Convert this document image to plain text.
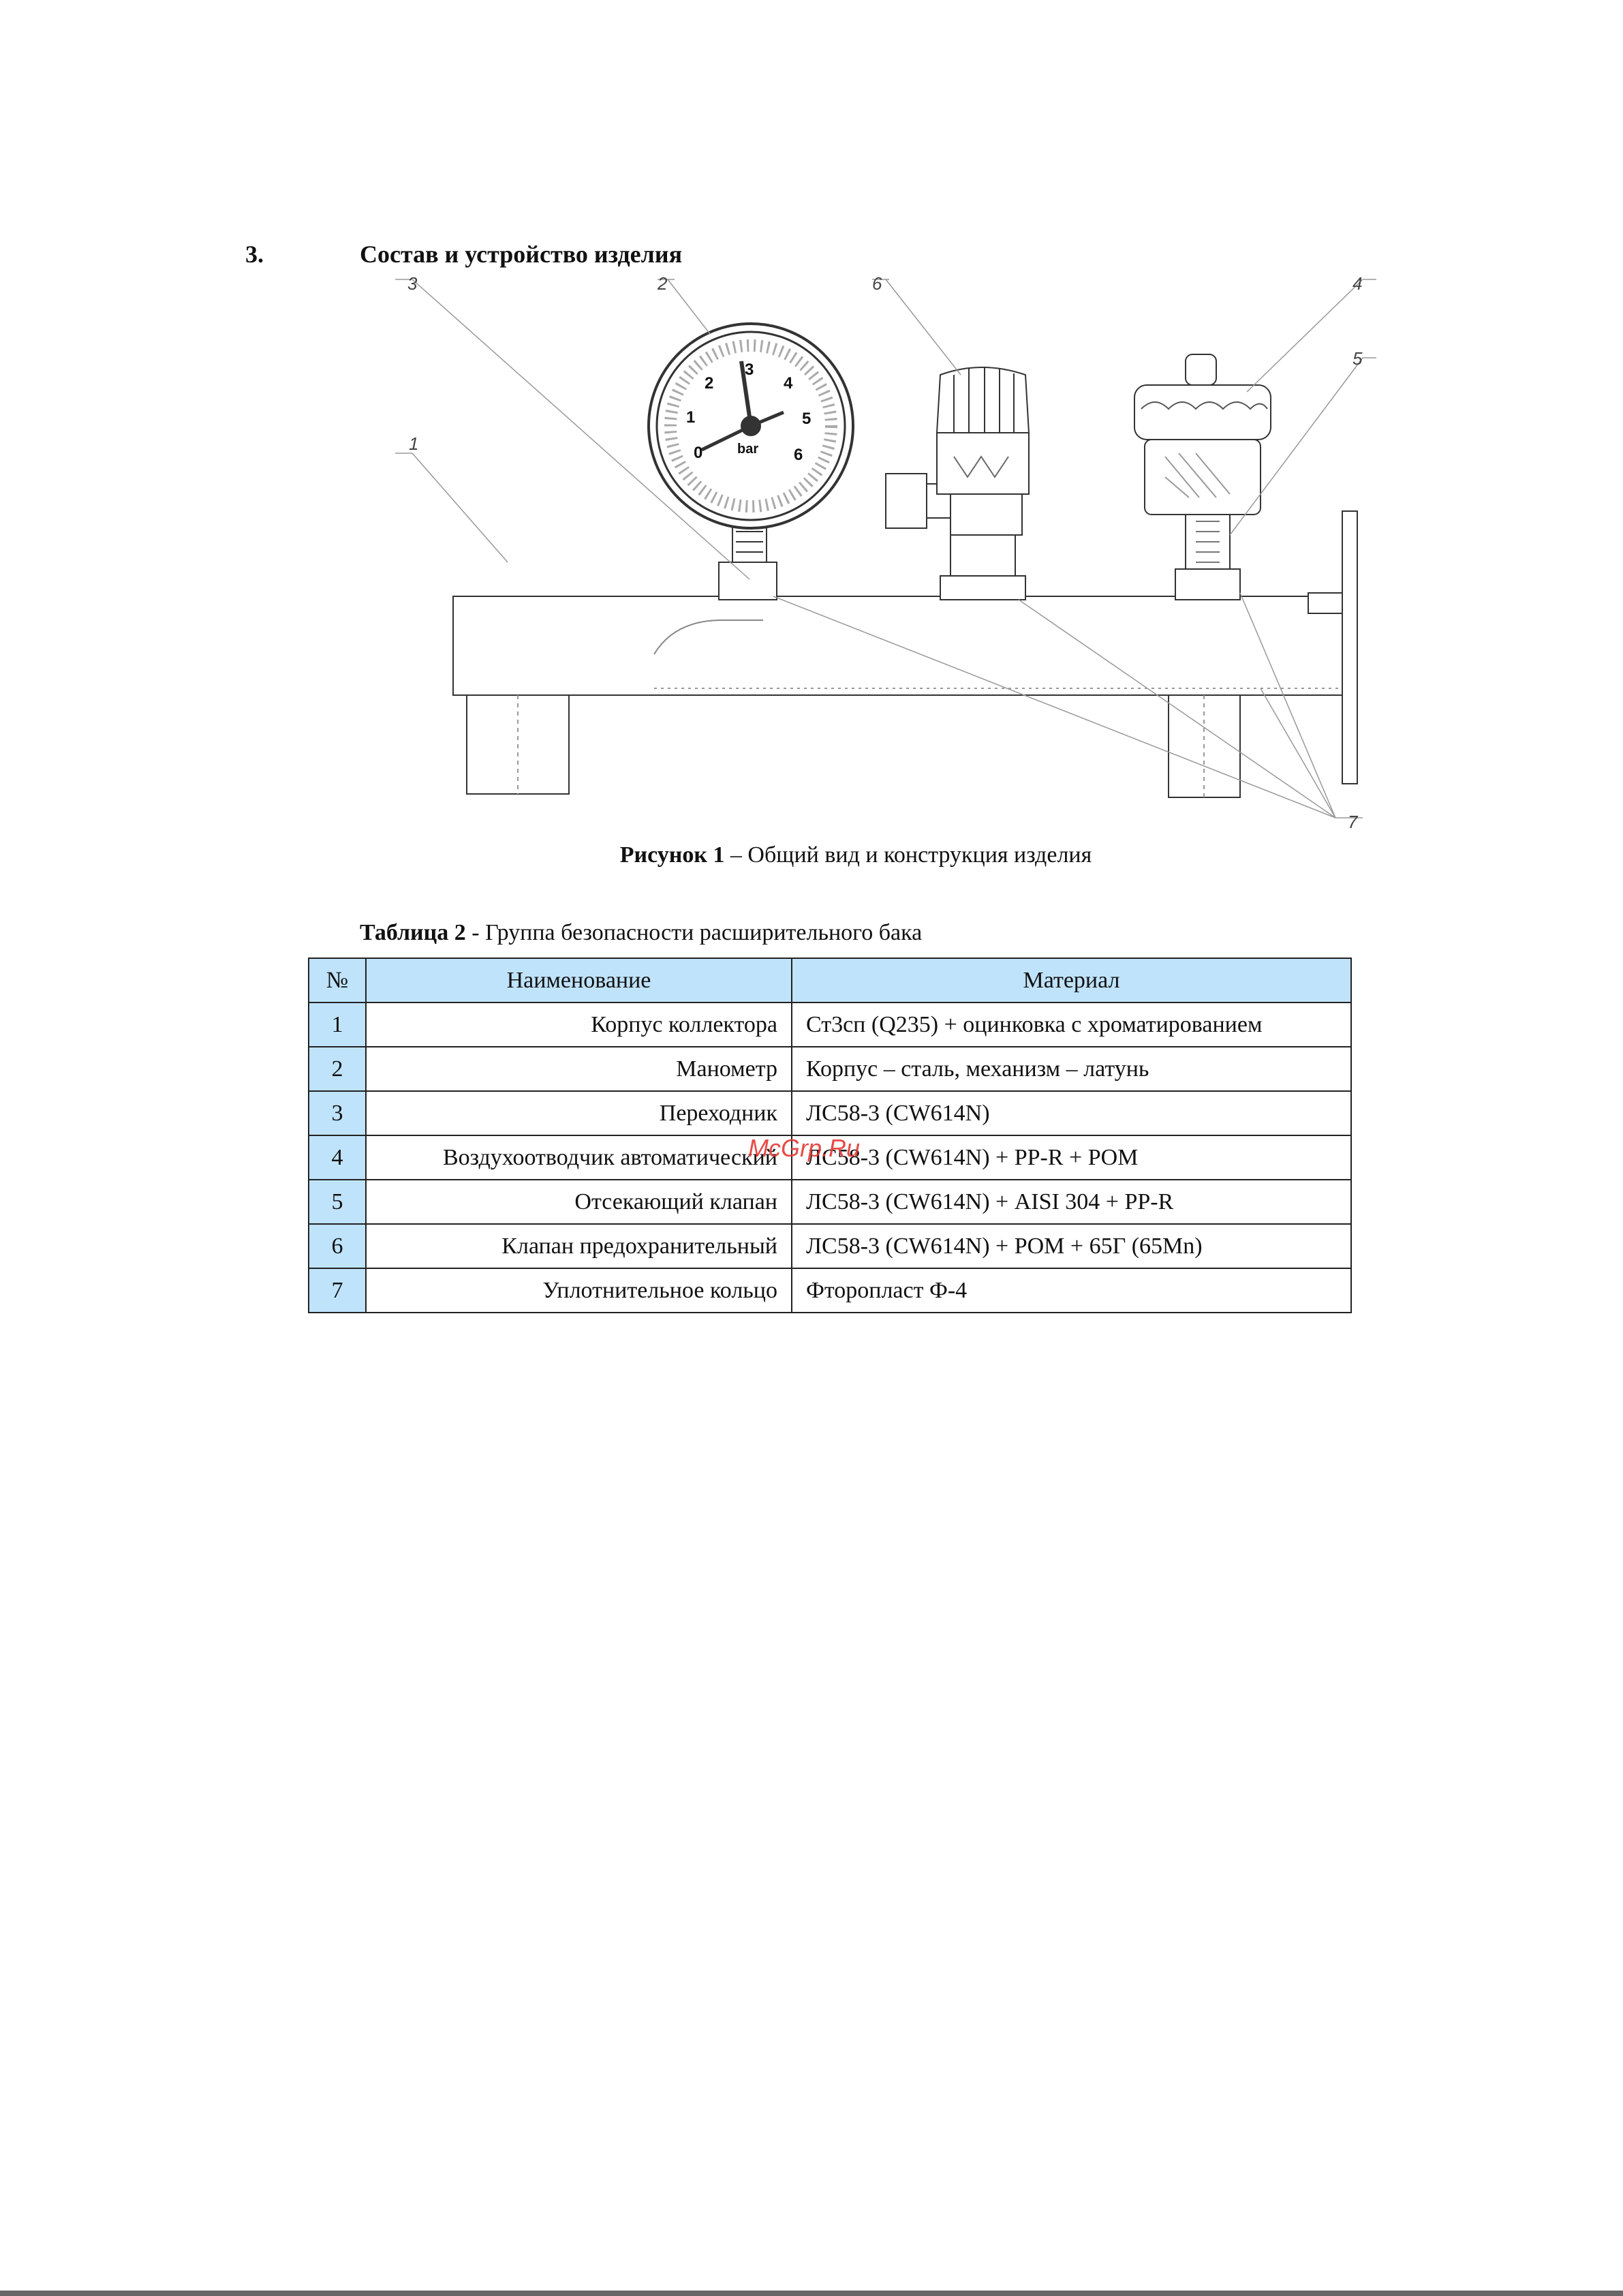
3.	Состав и устройство изделия
0
1
2
3
4
5
6
bar
1
2
3	4
5
6
7
Рисунок 1 – Общий вид и конструкция изделия
Таблица 2 - Группа безопасности расширительного бака
№	Наименование	Материал
1	Корпус коллектора	Ст3сп (Q235) + оцинковка с хроматированием
2	Манометр	Корпус – сталь, механизм – латунь
3	Переходник	ЛС58-3 (CW614N)
4	Воздухоотводчик автоматический	ЛС58-3 (CW614N) + PP-R + POM
5	Отсекающий клапан	ЛС58-3 (CW614N) + AISI 304 + PP-R
6	Клапан предохранительный	ЛС58-3 (CW614N) + POM + 65Г (65Mn)
7	Уплотнительное кольцо	Фторопласт Ф-4
McGrp.Ru
